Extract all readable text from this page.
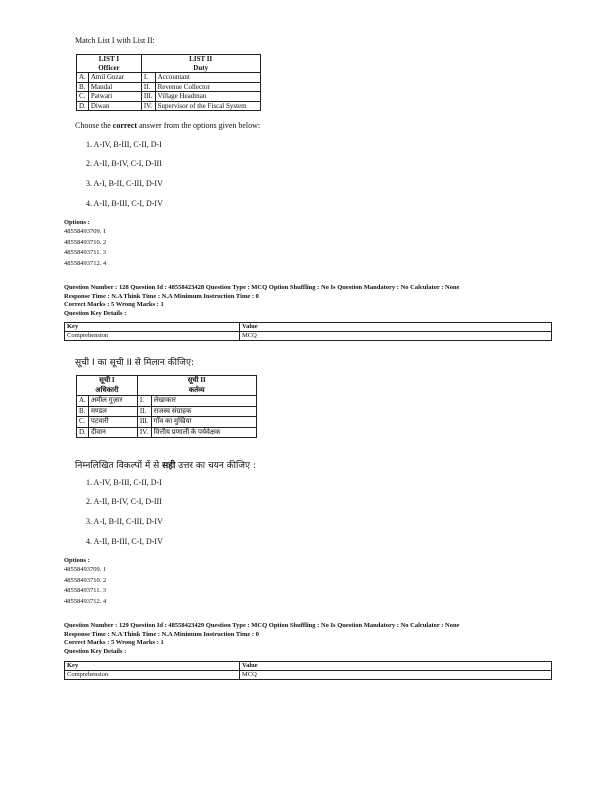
Match List I with List II:
LIST I		LIST II	
Officer		Duty	
A.	Amil Guzar	I.	Accountant
B.	Mandal	II.	Revenue Collector
C.	Patwari	III.	Village Headman
D.	Diwan	IV.	Supervisor of the Fiscal System
Choose the correct answer from the options given below:
1. A-IV, B-III, C-II, D-I
2. A-II, B-IV, C-I, D-III
3. A-I, B-II, C-III, D-IV
4. A-II, B-III, C-I, D-IV
Options :
48558493709. 1
48558493710. 2
48558493711. 3
48558493712. 4
Question Number : 128 Question Id : 48558423428 Question Type : MCQ Option Shuffling : No Is Question Mandatory : No Calculator : None
Response Time : N.A Think Time : N.A Minimum Instruction Time : 0
Correct Marks : 5 Wrong Marks : 1
Question Key Details :
Key	Value
Comprehension	MCQ
सूची I का सूची II से मिलान कीजिए:
सूची I		सूची II	
अधिकारी		कर्तव्य	
A.	अमील गुज़ार	I.	लेखाकार
B.	मण्डल	II.	राजस्व संग्राहक
C.	पटवारी	III.	गाँव का मुखिया
D.	दीवान	IV.	वित्तीय प्रणाली के पर्यवेक्षक
निम्नलिखित विकल्पों में से सही उत्तर का चयन कीजिए :
1. A-IV, B-III, C-II, D-I
2. A-II, B-IV, C-I, D-III
3. A-I, B-II, C-III, D-IV
4. A-II, B-III, C-I, D-IV
Options :
48558493709. 1
48558493710. 2
48558493711. 3
48558493712. 4
Question Number : 129 Question Id : 48558423429 Question Type : MCQ Option Shuffling : No Is Question Mandatory : No Calculator : None
Response Time : N.A Think Time : N.A Minimum Instruction Time : 0
Correct Marks : 5 Wrong Marks : 1
Question Key Details :
Key	Value
Comprehension	MCQ
